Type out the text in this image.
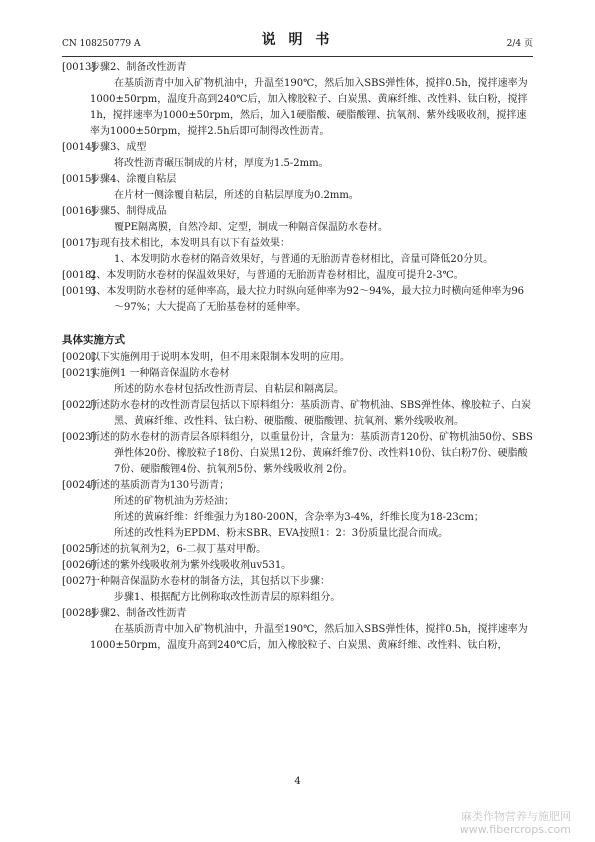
CN 108250779 A	说 明 书	2/4 页
[0013]
步骤2、制备改性沥青
在基质沥青中加入矿物机油中，升温至190℃，然后加入SBS弹性体，搅拌0.5h，搅拌速率为1000±50rpm，温度升高到240℃后，加入橡胶粒子、白炭黑、黄麻纤维、改性料、钛白粉，搅拌1h，搅拌速率为1000±50rpm，然后，加入1硬脂酸、硬脂酸锂、抗氧剂、紫外线吸收剂，搅拌速率为1000±50rpm，搅拌2.5h后即可制得改性沥青。
[0014]
步骤3、成型
将改性沥青碾压制成的片材，厚度为1.5-2mm。
[0015]
步骤4、涂覆自粘层
在片材一侧涂覆自粘层，所述的自粘层厚度为0.2mm。
[0016]
步骤5、制得成品
覆PE隔离膜，自然冷却、定型，制成一种隔音保温防水卷材。
[0017]
与现有技术相比，本发明具有以下有益效果：
1、本发明防水卷材的隔音效果好，与普通的无胎沥青卷材相比，音量可降低20分贝。
[0018]
2、本发明防水卷材的保温效果好，与普通的无胎沥青卷材相比，温度可提升2-3℃。
[0019]
3、本发明防水卷材的延伸率高，最大拉力时纵向延伸率为92～94%，最大拉力时横向延伸率为96～97%；大大提高了无胎基卷材的延伸率。
具体实施方式
[0020]
以下实施例用于说明本发明，但不用来限制本发明的应用。
[0021]
实施例1 一种隔音保温防水卷材
所述的防水卷材包括改性沥青层、自粘层和隔离层。
[0022]
所述防水卷材的改性沥青层包括以下原料组分：基质沥青、矿物机油、SBS弹性体、橡胶粒子、白炭黑、黄麻纤维、改性料、钛白粉、硬脂酸、硬脂酸锂、抗氧剂、紫外线吸收剂。
[0023]
所述的防水卷材的沥青层各原料组分，以重量份计，含量为：基质沥青120份、矿物机油50份、SBS弹性体20份、橡胶粒子18份、白炭黑12份、黄麻纤维7份、改性料10份、钛白粉7份、硬脂酸7份、硬脂酸锂4份、抗氧剂5份、紫外线吸收剂 2份。
[0024]
所述的基质沥青为130号沥青；
所述的矿物机油为芳烃油；
所述的黄麻纤维：纤维强力为180-200N，含杂率为3-4%，纤维长度为18-23cm；
所述的改性料为EPDM、粉末SBR、EVA按照1：2：3份质量比混合而成。
[0025]
所述的抗氧剂为2，6-二叔丁基对甲酚。
[0026]
所述的紫外线吸收剂为紫外线吸收剂uv531。
[0027]
一种隔音保温防水卷材的制备方法，其包括以下步骤：
步骤1、根据配方比例称取改性沥青层的原料组分。
[0028]
步骤2、制备改性沥青
在基质沥青中加入矿物机油中，升温至190℃，然后加入SBS弹性体，搅拌0.5h，搅拌速率为1000±50rpm，温度升高到240℃后，加入橡胶粒子、白炭黑、黄麻纤维、改性料、钛白粉，
4
麻类作物营养与施肥网
www.fibercrops.com
